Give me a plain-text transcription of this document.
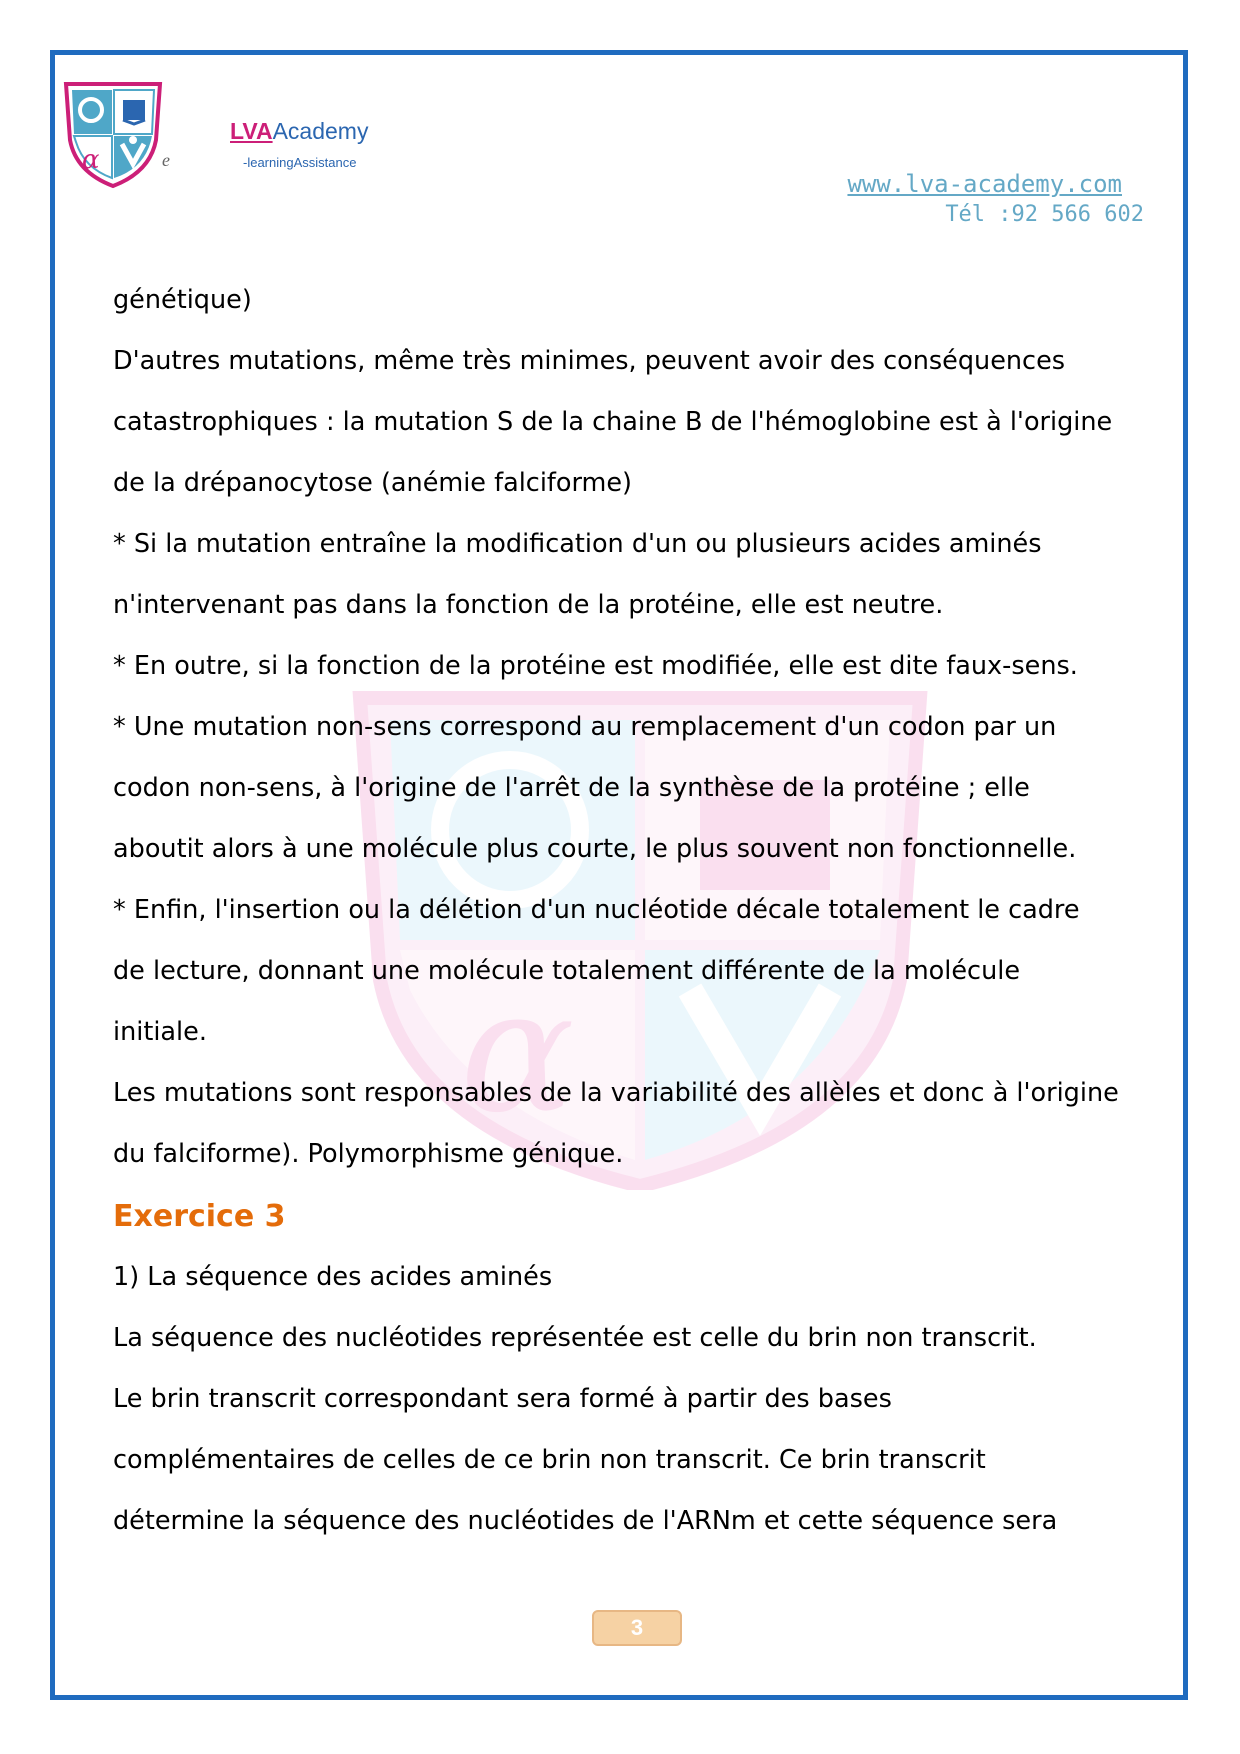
α	e
LVAAcademy
-learningAssistance
www.lva-academy.com
Tél :92 566 602
α
génétique)
D'autres mutations, même très minimes, peuvent avoir des conséquences
catastrophiques : la mutation S de la chaine B de l'hémoglobine est à l'origine
de la drépanocytose (anémie falciforme)
* Si la mutation entraîne la modification d'un ou plusieurs acides aminés
n'intervenant pas dans la fonction de la protéine, elle est neutre.
* En outre, si la fonction de la protéine est modifiée, elle est dite faux-sens.
* Une mutation non-sens correspond au remplacement d'un codon par un
codon non-sens, à l'origine de l'arrêt de la synthèse de la protéine ; elle
aboutit alors à une molécule plus courte, le plus souvent non fonctionnelle.
* Enfin, l'insertion ou la délétion d'un nucléotide décale totalement le cadre
de lecture, donnant une molécule totalement différente de la molécule
initiale.
Les mutations sont responsables de la variabilité des allèles et donc à l'origine
du falciforme). Polymorphisme génique.
Exercice 3
1) La séquence des acides aminés
La séquence des nucléotides représentée est celle du brin non transcrit.
Le brin transcrit correspondant sera formé à partir des bases
complémentaires de celles de ce brin non transcrit. Ce brin transcrit
détermine la séquence des nucléotides de l'ARNm et cette séquence sera
3
